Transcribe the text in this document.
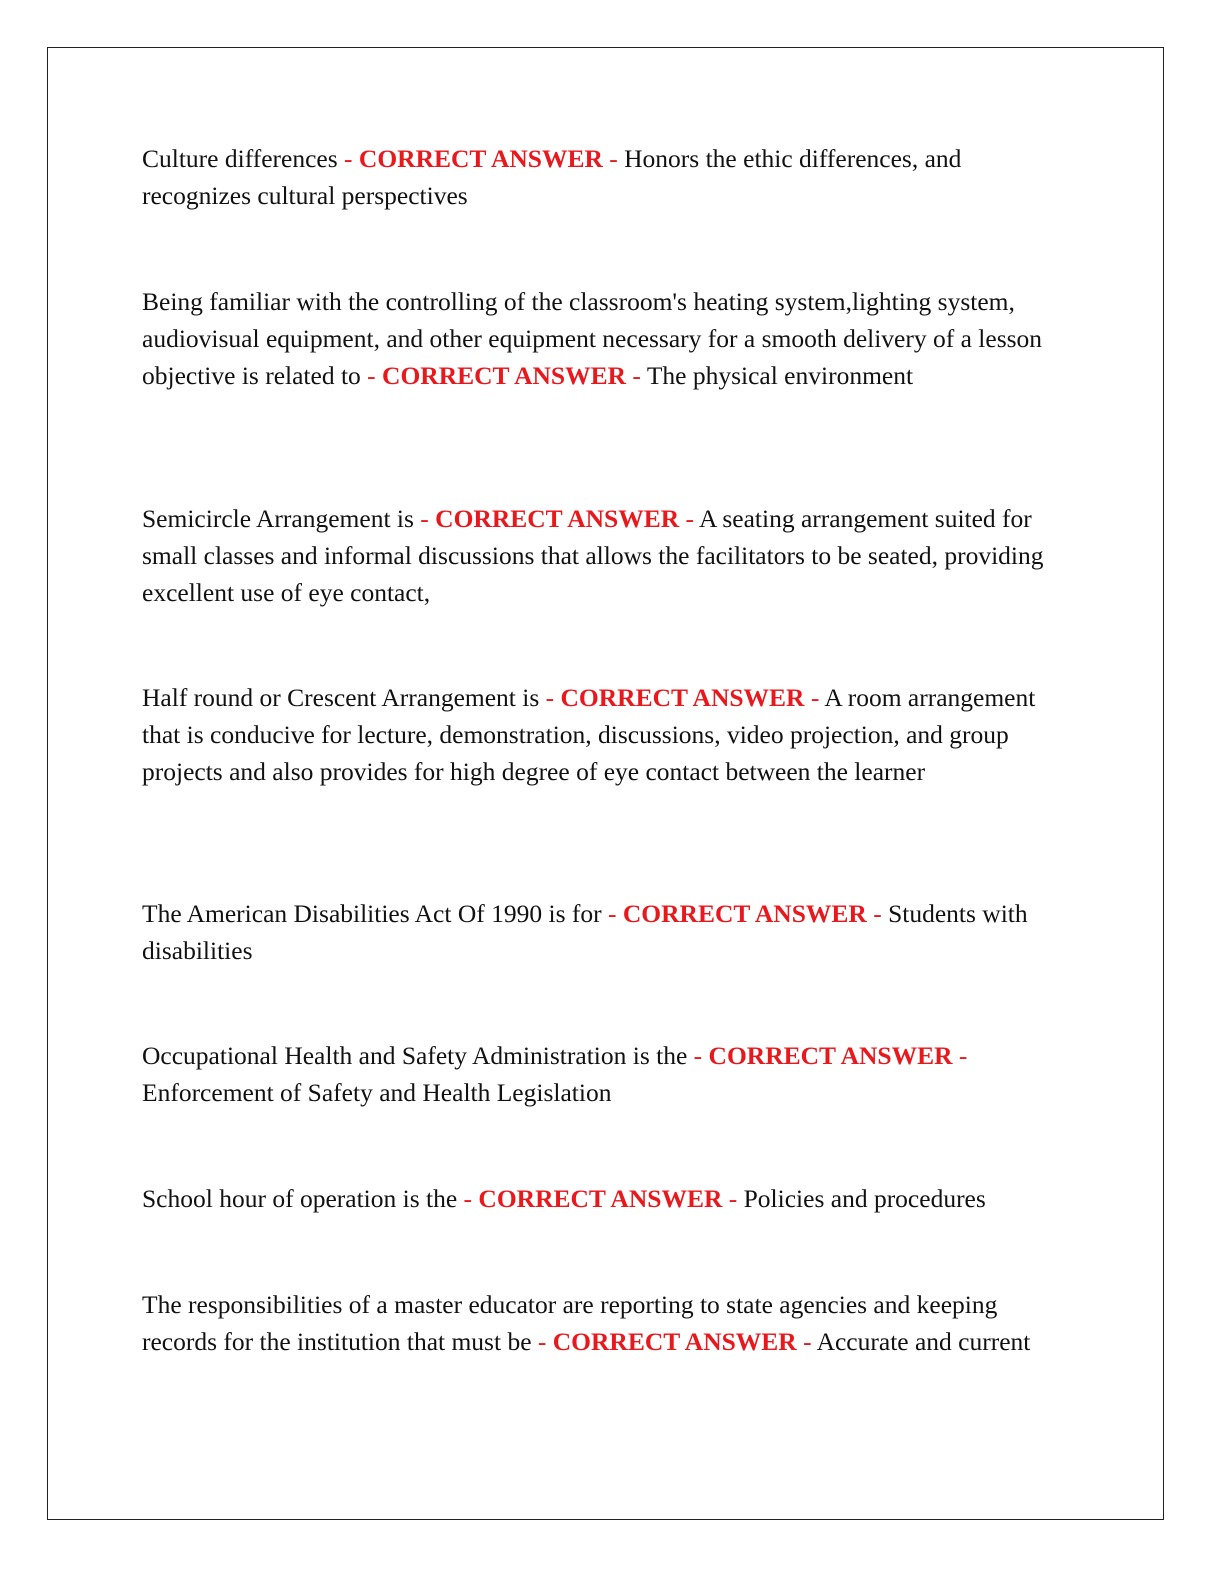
Culture differences - CORRECT ANSWER - Honors the ethic differences, and recognizes cultural perspectives

Being familiar with the controlling of the classroom's heating system,lighting system, audiovisual equipment, and other equipment necessary for a smooth delivery of a lesson objective is related to - CORRECT ANSWER - The physical environment

Semicircle Arrangement is - CORRECT ANSWER - A seating arrangement suited for small classes and informal discussions that allows the facilitators to be seated, providing excellent use of eye contact,

Half round or Crescent Arrangement is - CORRECT ANSWER - A room arrangement that is conducive for lecture, demonstration, discussions, video projection, and group projects and also provides for high degree of eye contact between the learner

The American Disabilities Act Of 1990 is for - CORRECT ANSWER - Students with disabilities

Occupational Health and Safety Administration is the - CORRECT ANSWER - Enforcement of Safety and Health Legislation

School hour of operation is the - CORRECT ANSWER - Policies and procedures

The responsibilities of a master educator are reporting to state agencies and keeping records for the institution that must be - CORRECT ANSWER - Accurate and current
